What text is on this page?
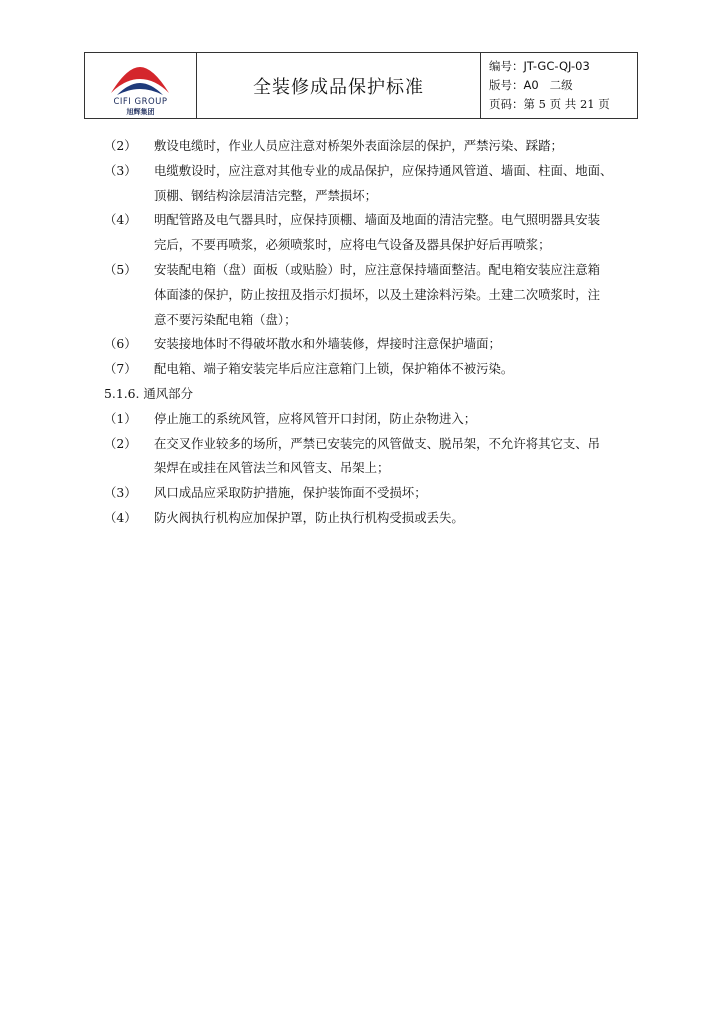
CIFI GROUP
旭辉集团
全装修成品保护标准
编号：JT-GC-QJ-03
版号：A0   二级
页码：第 5 页 共 21 页
（2）	敷设电缆时，作业人员应注意对桥架外表面涂层的保护，严禁污染、踩踏；
（3）	电缆敷设时，应注意对其他专业的成品保护，应保持通风管道、墙面、柱面、地面、
顶棚、钢结构涂层清洁完整，严禁损坏；
（4）	明配管路及电气器具时，应保持顶棚、墙面及地面的清洁完整。电气照明器具安装
完后，不要再喷浆，必须喷浆时，应将电气设备及器具保护好后再喷浆；
（5）	安装配电箱（盘）面板（或贴脸）时，应注意保持墙面整洁。配电箱安装应注意箱
体面漆的保护，防止按扭及指示灯损坏，以及土建涂料污染。土建二次喷浆时，注
意不要污染配电箱（盘）；
（6）	安装接地体时不得破坏散水和外墙装修，焊接时注意保护墙面；
（7）	配电箱、端子箱安装完毕后应注意箱门上锁，保护箱体不被污染。
5.1.6. 通风部分
（1）	停止施工的系统风管，应将风管开口封闭，防止杂物进入；
（2）	在交叉作业较多的场所，严禁已安装完的风管做支、脱吊架，不允许将其它支、吊
架焊在或挂在风管法兰和风管支、吊架上；
（3）	风口成品应采取防护措施，保护装饰面不受损坏；
（4）	防火阀执行机构应加保护罩，防止执行机构受损或丢失。
